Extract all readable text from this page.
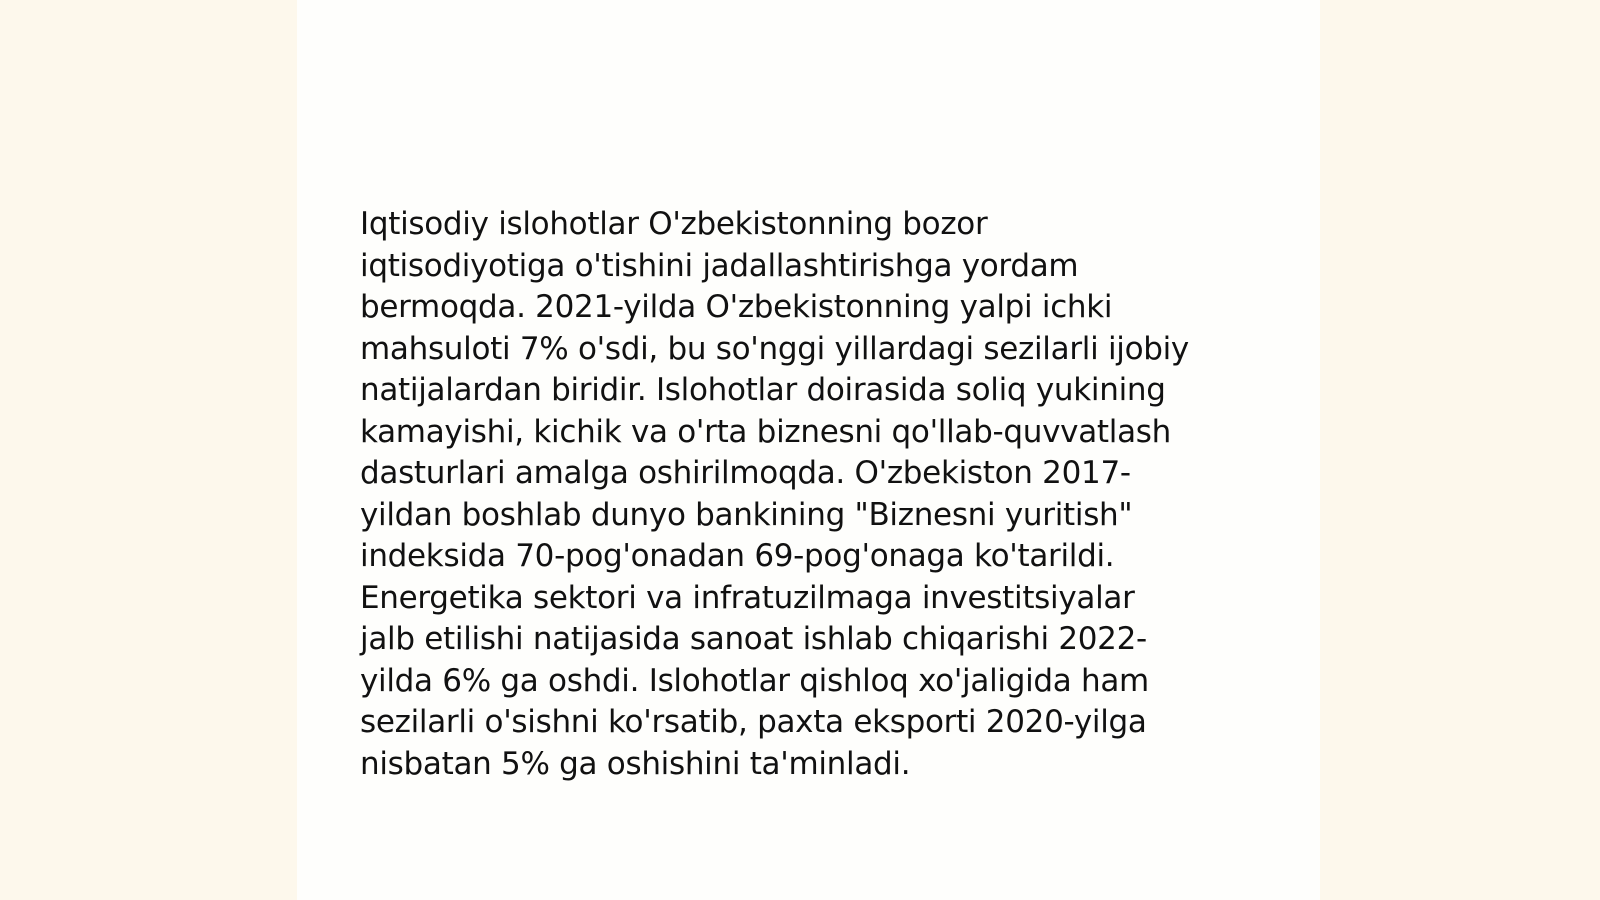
Iqtisodiy islohotlar O'zbekistonning bozor
iqtisodiyotiga o'tishini jadallashtirishga yordam
bermoqda. 2021-yilda O'zbekistonning yalpi ichki
mahsuloti 7% o'sdi, bu so'nggi yillardagi sezilarli ijobiy
natijalardan biridir. Islohotlar doirasida soliq yukining
kamayishi, kichik va o'rta biznesni qo'llab-quvvatlash
dasturlari amalga oshirilmoqda. O'zbekiston 2017-
yildan boshlab dunyo bankining "Biznesni yuritish"
indeksida 70-pog'onadan 69-pog'onaga ko'tarildi.
Energetika sektori va infratuzilmaga investitsiyalar
jalb etilishi natijasida sanoat ishlab chiqarishi 2022-
yilda 6% ga oshdi. Islohotlar qishloq xo'jaligida ham
sezilarli o'sishni ko'rsatib, paxta eksporti 2020-yilga
nisbatan 5% ga oshishini ta'minladi.
